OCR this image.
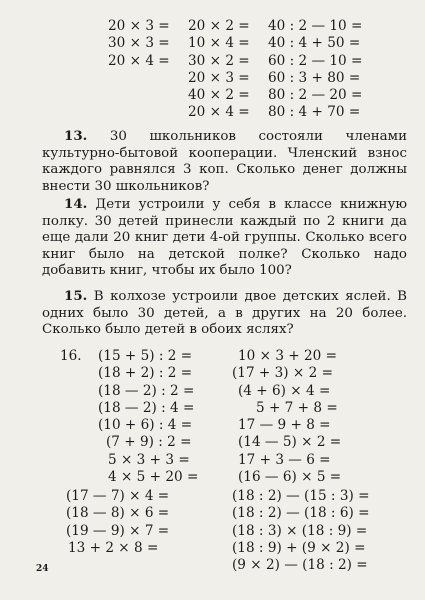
20 × 3 =
30 × 3 =
20 × 4 =
20 × 2 =
10 × 4 =
30 × 2 =
20 × 3 =
40 × 2 =
20 × 4 =
40 : 2 — 10 =
40 : 4 + 50 =
60 : 2 — 10 =
60 : 3 + 80 =
80 : 2 — 20 =
80 : 4 + 70 =
13. 30 школьников состояли членами культурно-бытовой кооперации. Членский взнос каждого равнялся 3 коп. Сколько денег должны внести 30 школьников?
14. Дети устроили у себя в классе книжную полку. 30 детей принесли каждый по 2 книги да еще дали 20 книг дети 4-ой группы. Сколько всего книг было на детской полке? Сколько надо добавить книг, чтобы их было 100?
15. В колхозе устроили двое детских яслей. В одних было 30 детей, а в других на 20 более. Сколько было детей в обоих яслях?
16. (15 + 5) : 2 =
(18 + 2) : 2 =
(18 — 2) : 2 =
(18 — 2) : 4 =
(10 + 6) : 4 =
(7 + 9) : 2 =
5 × 3 + 3 =
4 × 5 + 20 =
10 × 3 + 20 =
(17 + 3) × 2 =
(4 + 6) × 4 =
5 + 7 + 8 =
17 — 9 + 8 =
(14 — 5) × 2 =
17 + 3 — 6 =
(16 — 6) × 5 =
(17 — 7) × 4 =
(18 — 8) × 6 =
(19 — 9) × 7 =
13 + 2 × 8 =
(18 : 2) — (15 : 3) =
(18 : 2) — (18 : 6) =
(18 : 3) × (18 : 9) =
(18 : 9) + (9 × 2) =
(9 × 2) — (18 : 2) =
24
